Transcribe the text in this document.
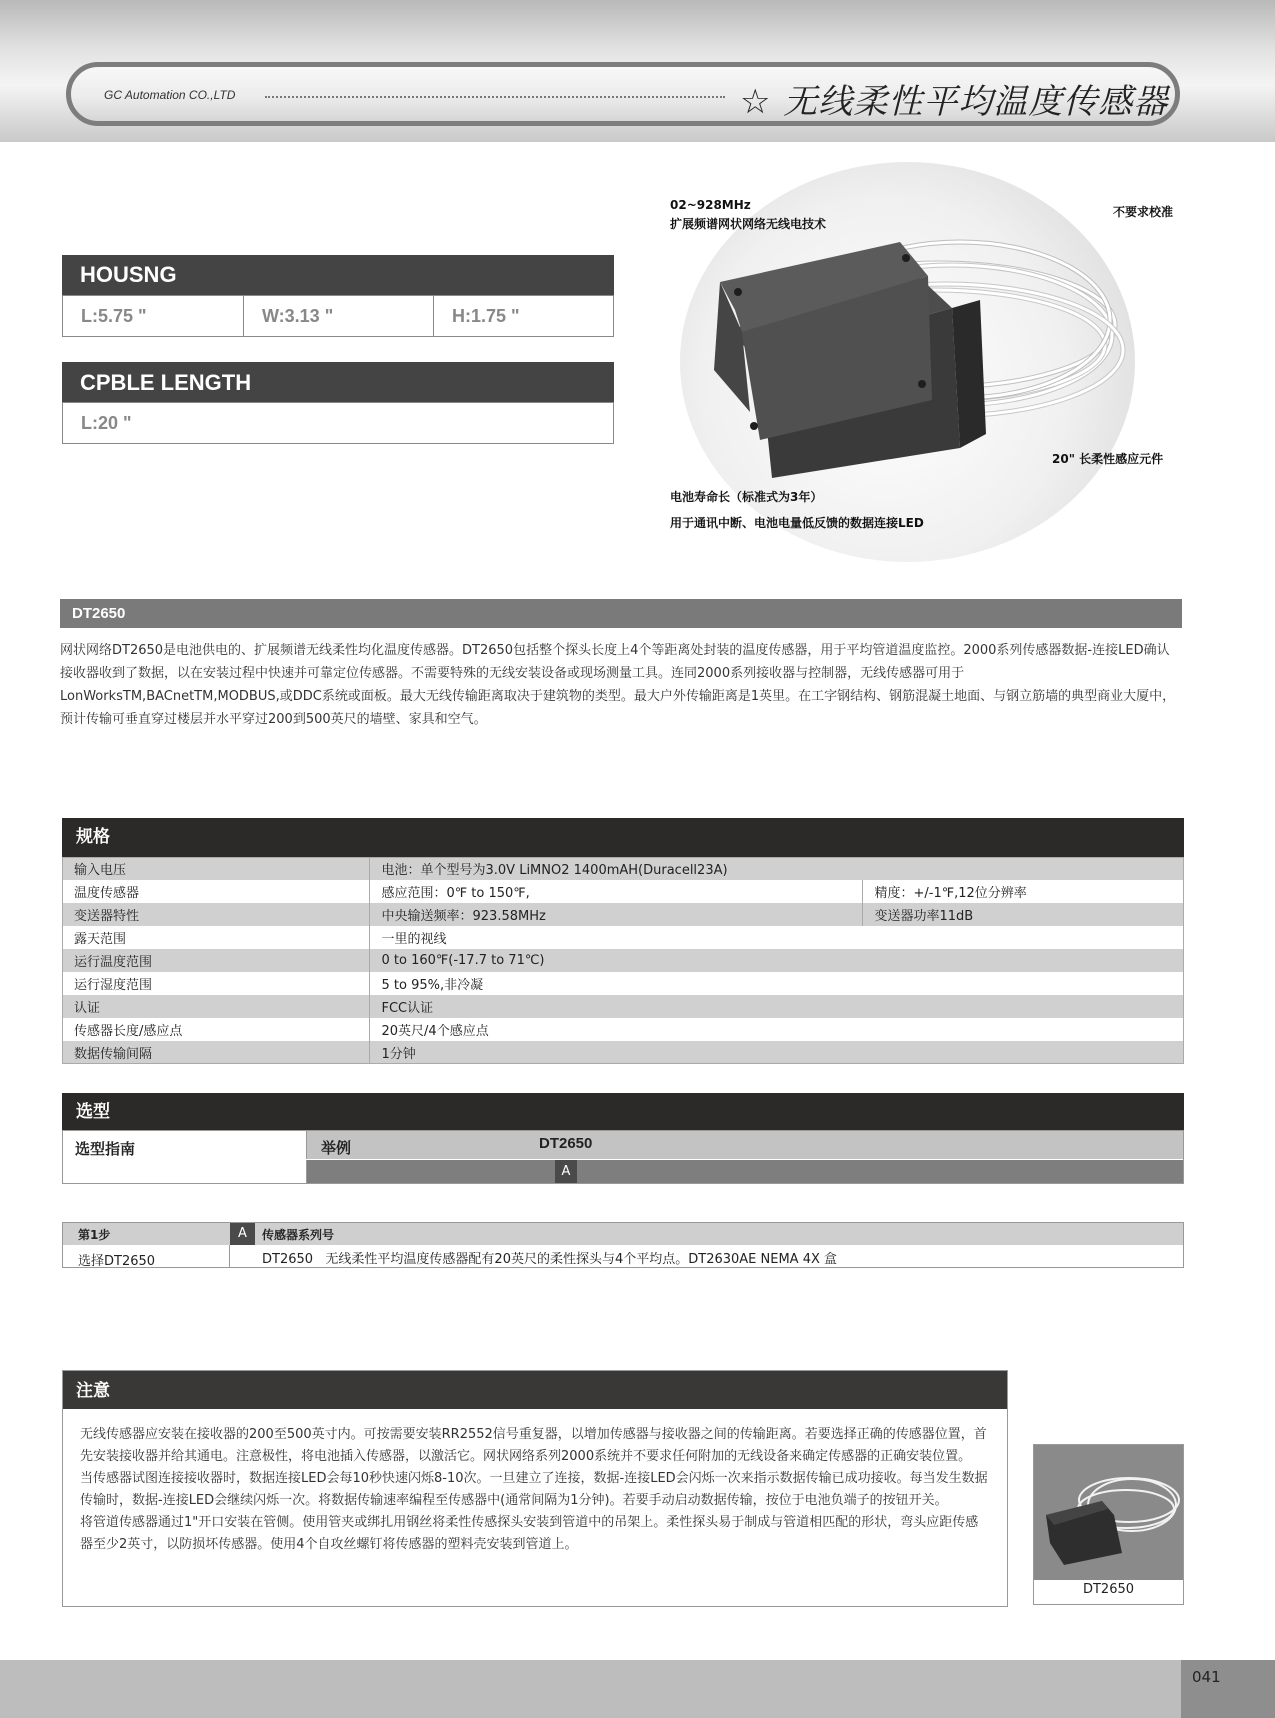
GC Automation CO.,LTD	☆ 无线柔性平均温度传感器
HOUSNG
L:5.75 "	W:3.13 "	H:1.75 "
CPBLE LENGTH
L:20 "
02~928MHz
扩展频谱网状网络无线电技术
不要求校准
20" 长柔性感应元件
电池寿命长（标准式为3年）
用于通讯中断、电池电量低反馈的数据连接LED
DT2650
网状网络DT2650是电池供电的、扩展频谱无线柔性均化温度传感器。DT2650包括整个探头长度上4个等距离处封装的温度传感器，用于平均管道温度监控。2000系列传感器数据-连接LED确认接收器收到了数据，以在安装过程中快速并可靠定位传感器。不需要特殊的无线安装设备或现场测量工具。连同2000系列接收器与控制器，无线传感器可用于LonWorksTM,BACnetTM,MODBUS,或DDC系统或面板。最大无线传输距离取决于建筑物的类型。最大户外传输距离是1英里。在工字钢结构、钢筋混凝土地面、与钢立筋墙的典型商业大厦中，预计传输可垂直穿过楼层并水平穿过200到500英尺的墙壁、家具和空气。
规格
输入电压	电池：单个型号为3.0V LiMNO2 1400mAH(Duracell23A)	
温度传感器	感应范围：0℉ to 150℉,	精度：+/-1℉,12位分辨率
变送器特性	中央输送频率：923.58MHz	变送器功率11dB
露天范围	一里的视线	
运行温度范围	0 to 160℉(-17.7 to 71℃)	
运行湿度范围	5 to 95%,非冷凝	
认证	FCC认证	
传感器长度/感应点	20英尺/4个感应点	
数据传输间隔	1分钟	
选型
选型指南	举例	DT2650
A
第1步	A	传感器系列号
选择DT2650	DT2650   无线柔性平均温度传感器配有20英尺的柔性探头与4个平均点。DT2630AE NEMA 4X 盒
注意

无线传感器应安装在接收器的200至500英寸内。可按需要安装RR2552信号重复器，以增加传感器与接收器之间的传输距离。若要选择正确的传感器位置，首先安装接收器并给其通电。注意极性，将电池插入传感器，以激活它。网状网络系列2000系统并不要求任何附加的无线设备来确定传感器的正确安装位置。

当传感器试图连接接收器时，数据连接LED会每10秒快速闪烁8-10次。一旦建立了连接，数据-连接LED会闪烁一次来指示数据传输已成功接收。每当发生数据传输时，数据-连接LED会继续闪烁一次。将数据传输速率编程至传感器中(通常间隔为1分钟)。若要手动启动数据传输，按位于电池负端子的按钮开关。

将管道传感器通过1"开口安装在管侧。使用管夹或绑扎用钢丝将柔性传感探头安装到管道中的吊架上。柔性探头易于制成与管道相匹配的形状，弯头应距传感器至少2英寸，以防损坏传感器。使用4个自攻丝螺钉将传感器的塑料壳安装到管道上。

DT2650
041
